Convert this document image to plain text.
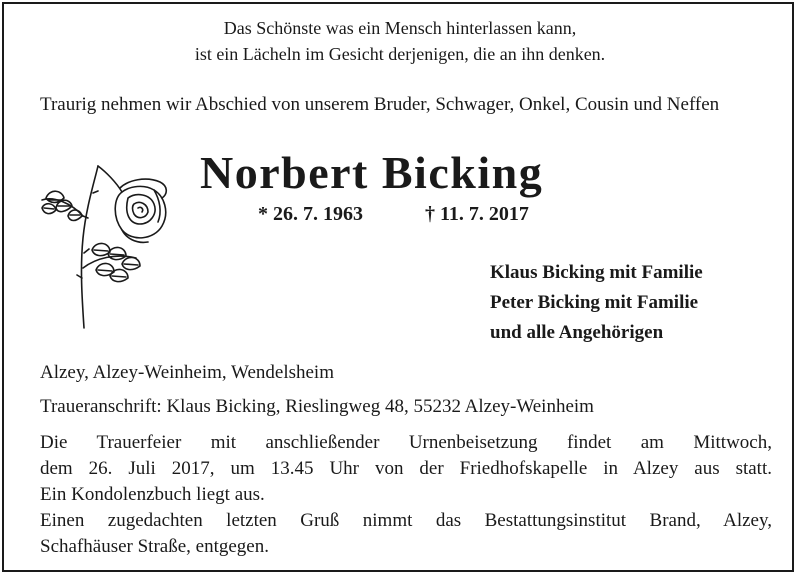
Das Schönste was ein Mensch hinterlassen kann,
ist ein Lächeln im Gesicht derjenigen, die an ihn denken.
Traurig nehmen wir Abschied von unserem Bruder, Schwager, Onkel, Cousin und Neffen
Norbert Bicking
* 26. 7. 1963	† 11. 7. 2017
Klaus Bicking mit Familie
Peter Bicking mit Familie
und alle Angehörigen
Alzey, Alzey-Weinheim, Wendelsheim
Traueranschrift: Klaus Bicking, Rieslingweg 48, 55232 Alzey-Weinheim
Die Trauerfeier mit anschließender Urnenbeisetzung findet am Mittwoch,
dem 26. Juli 2017, um 13.45 Uhr von der Friedhofskapelle in Alzey aus statt.
Ein Kondolenzbuch liegt aus.
Einen zugedachten letzten Gruß nimmt das Bestattungsinstitut Brand, Alzey,
Schafhäuser Straße, entgegen.
